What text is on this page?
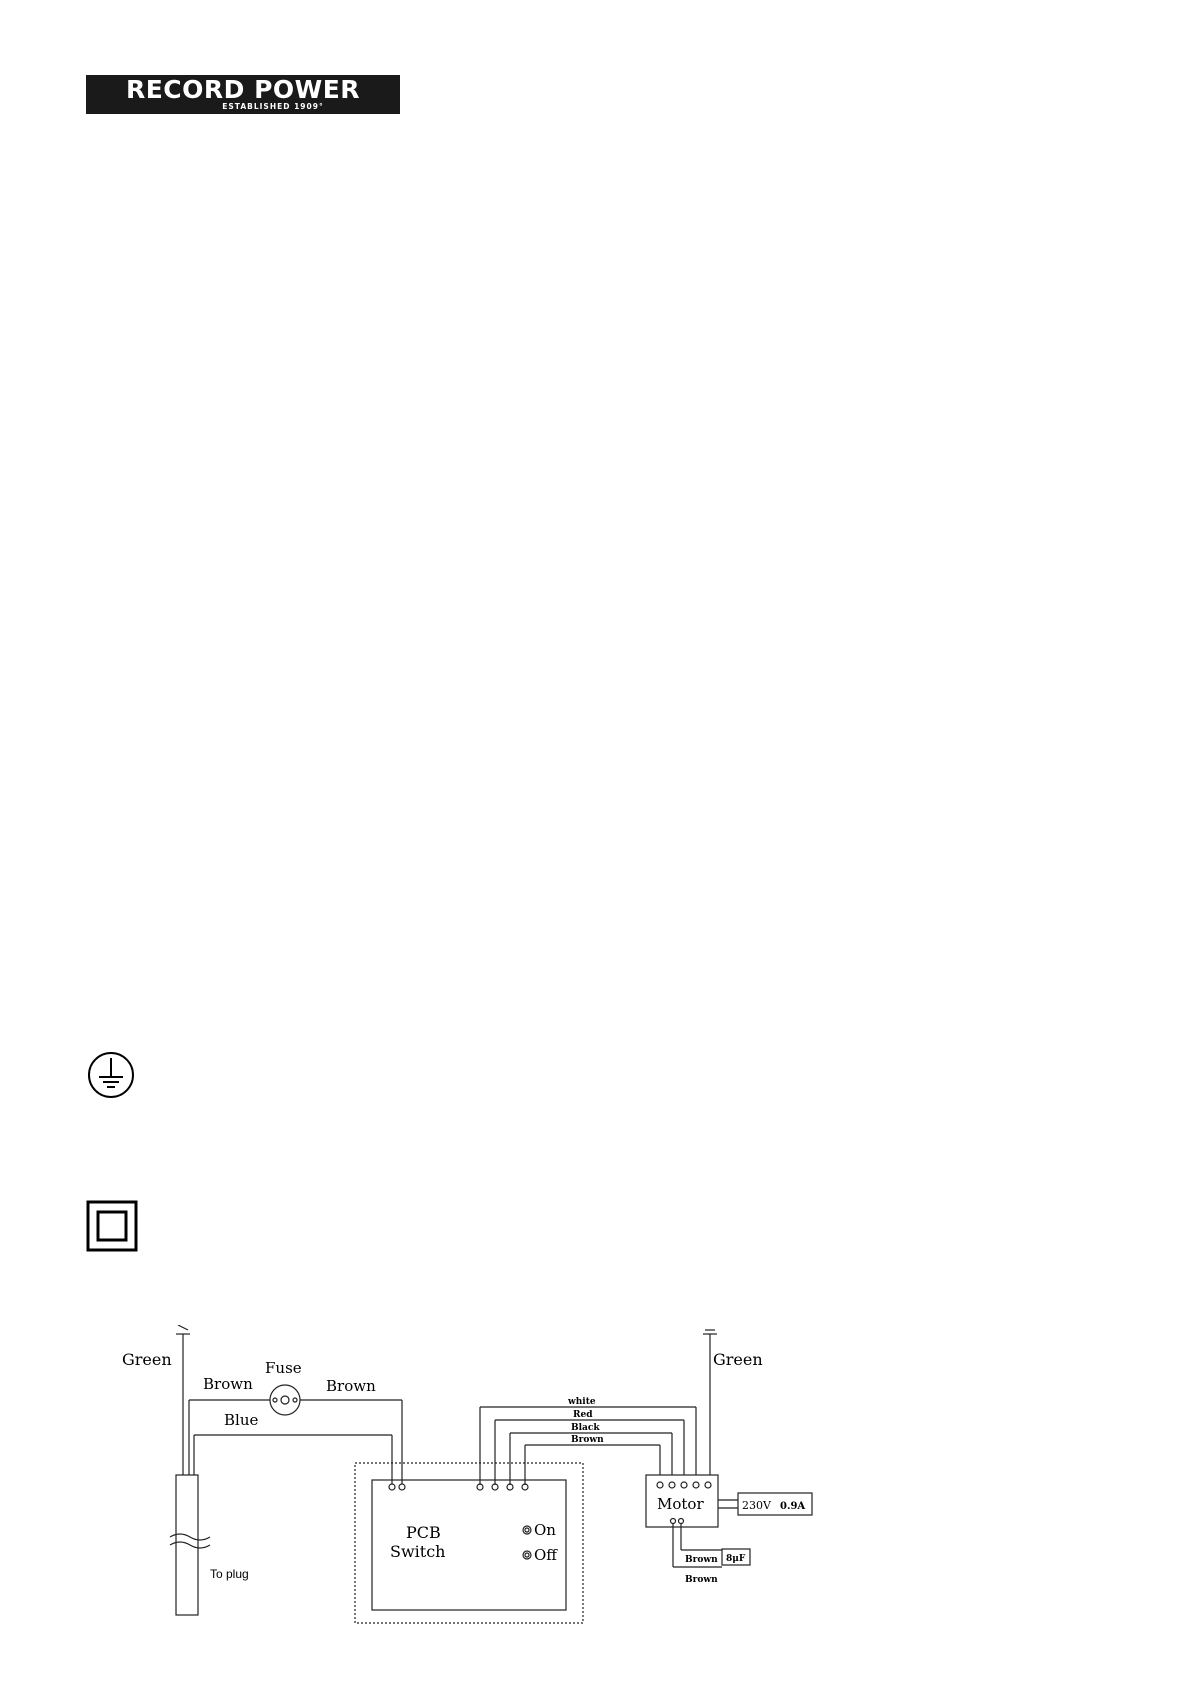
RECORD POWER
ESTABLISHED 1909°
Green
Brown
Fuse
Brown
Blue
To plug
PCB
Switch
On
Off
white
Red
Black
Brown
Green
Motor	230V 0.9A
Brown
Brown
8μF
